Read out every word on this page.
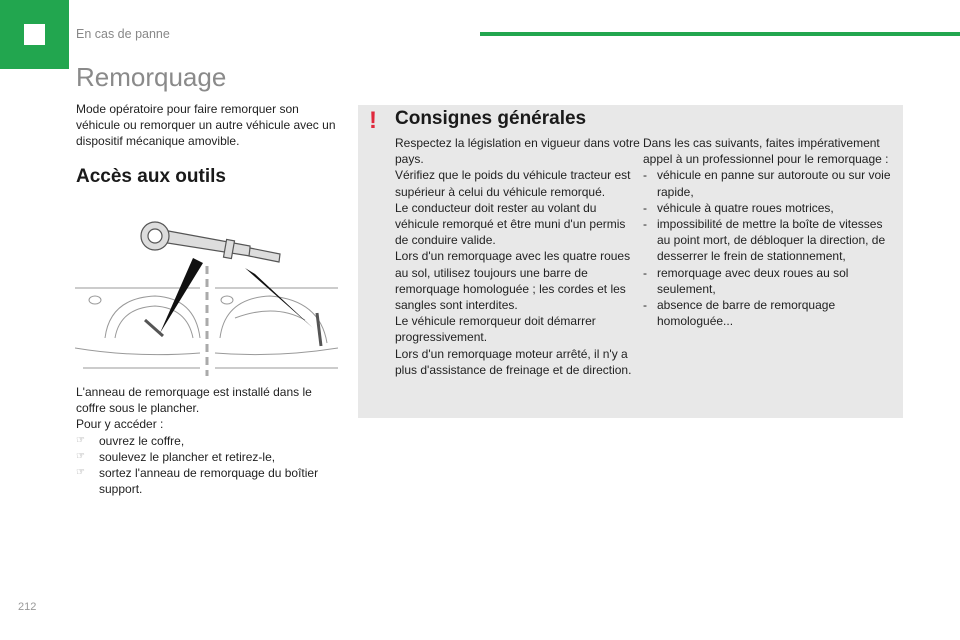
En cas de panne
Remorquage
Mode opératoire pour faire remorquer son véhicule ou remorquer un autre véhicule avec un dispositif mécanique amovible.
Accès aux outils
L'anneau de remorquage est installé dans le coffre sous le plancher.
Pour y accéder :
☞ ouvrez le coffre,
☞ soulevez le plancher et retirez-le,
☞ sortez l'anneau de remorquage du boîtier support.
! Consignes générales
Respectez la législation en vigueur dans votre pays.
Vérifiez que le poids du véhicule tracteur est supérieur à celui du véhicule remorqué.
Le conducteur doit rester au volant du véhicule remorqué et être muni d'un permis de conduire valide.
Lors d'un remorquage avec les quatre roues au sol, utilisez toujours une barre de remorquage homologuée ; les cordes et les sangles sont interdites.
Le véhicule remorqueur doit démarrer progressivement.
Lors d'un remorquage moteur arrêté, il n'y a plus d'assistance de freinage et de direction.
Dans les cas suivants, faites impérativement appel à un professionnel pour le remorquage :
- véhicule en panne sur autoroute ou sur voie rapide,
- véhicule à quatre roues motrices,
- impossibilité de mettre la boîte de vitesses au point mort, de débloquer la direction, de desserrer le frein de stationnement,
- remorquage avec deux roues au sol seulement,
- absence de barre de remorquage homologuée...
212
